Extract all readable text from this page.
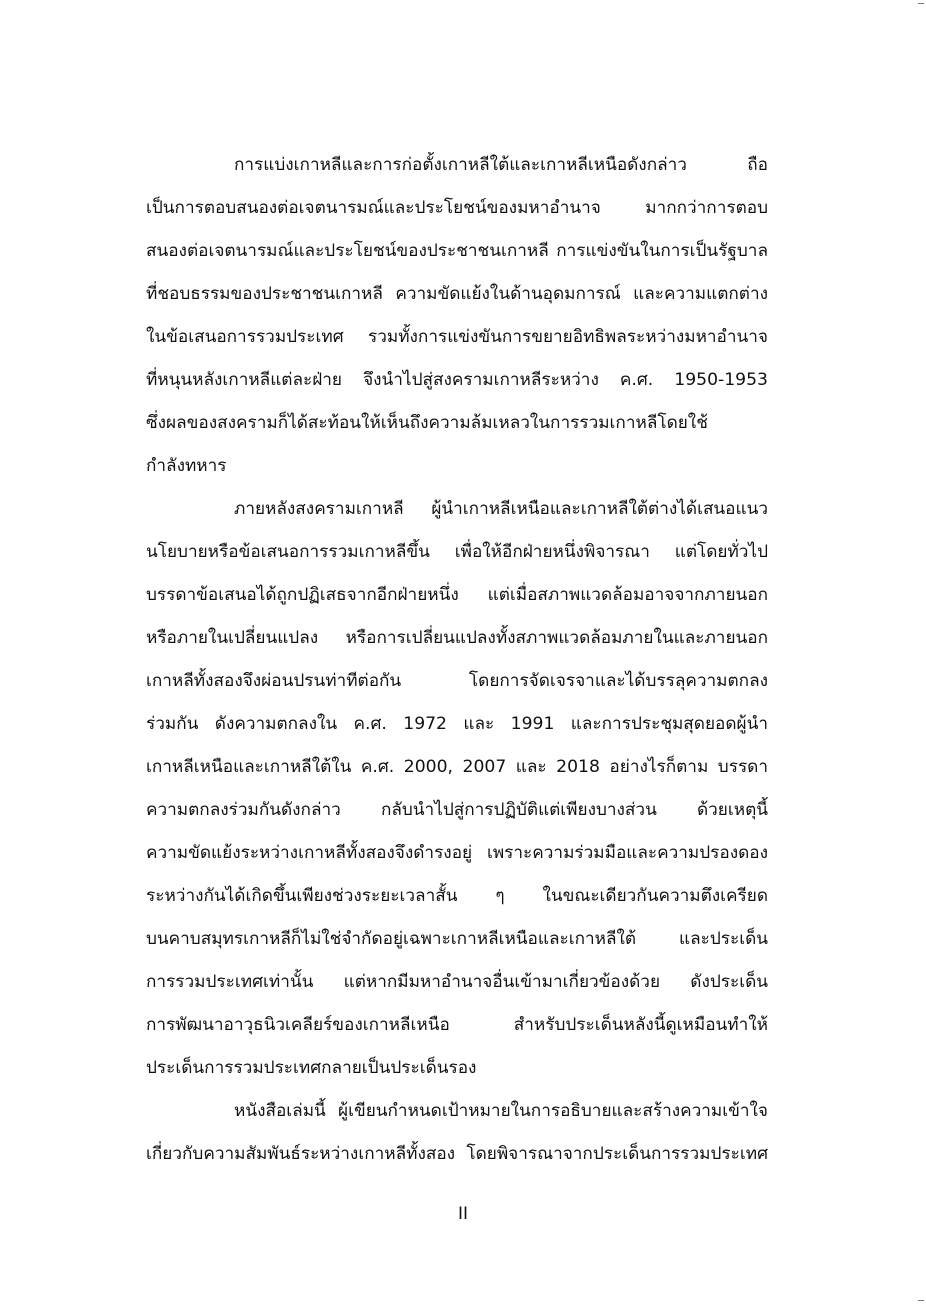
การแบ่งเกาหลีและการก่อตั้งเกาหลีใต้และเกาหลีเหนือดังกล่าว ถือ
เป็นการตอบสนองต่อเจตนารมณ์และประโยชน์ของมหาอำนาจ มากกว่าการตอบ
สนองต่อเจตนารมณ์และประโยชน์ของประชาชนเกาหลี การแข่งขันในการเป็นรัฐบาล
ที่ชอบธรรมของประชาชนเกาหลี ความขัดแย้งในด้านอุดมการณ์ และความแตกต่าง
ในข้อเสนอการรวมประเทศ รวมทั้งการแข่งขันการขยายอิทธิพลระหว่างมหาอำนาจ
ที่หนุนหลังเกาหลีแต่ละฝ่าย จึงนำไปสู่สงครามเกาหลีระหว่าง ค.ศ. 1950-1953
ซึ่งผลของสงครามก็ได้สะท้อนให้เห็นถึงความล้มเหลวในการรวมเกาหลีโดยใช้
กำลังทหาร
ภายหลังสงครามเกาหลี ผู้นำเกาหลีเหนือและเกาหลีใต้ต่างได้เสนอแนว
นโยบายหรือข้อเสนอการรวมเกาหลีขึ้น เพื่อให้อีกฝ่ายหนึ่งพิจารณา แต่โดยทั่วไป
บรรดาข้อเสนอได้ถูกปฏิเสธจากอีกฝ่ายหนึ่ง แต่เมื่อสภาพแวดล้อมอาจจากภายนอก
หรือภายในเปลี่ยนแปลง หรือการเปลี่ยนแปลงทั้งสภาพแวดล้อมภายในและภายนอก
เกาหลีทั้งสองจึงผ่อนปรนท่าทีต่อกัน โดยการจัดเจรจาและได้บรรลุความตกลง
ร่วมกัน ดังความตกลงใน ค.ศ. 1972 และ 1991 และการประชุมสุดยอดผู้นำ
เกาหลีเหนือและเกาหลีใต้ใน ค.ศ. 2000, 2007 และ 2018 อย่างไรก็ตาม บรรดา
ความตกลงร่วมกันดังกล่าว กลับนำไปสู่การปฏิบัติแต่เพียงบางส่วน ด้วยเหตุนี้
ความขัดแย้งระหว่างเกาหลีทั้งสองจึงดำรงอยู่ เพราะความร่วมมือและความปรองดอง
ระหว่างกันได้เกิดขึ้นเพียงช่วงระยะเวลาสั้น ๆ ในขณะเดียวกันความตึงเครียด
บนคาบสมุทรเกาหลีก็ไม่ใช่จำกัดอยู่เฉพาะเกาหลีเหนือและเกาหลีใต้ และประเด็น
การรวมประเทศเท่านั้น แต่หากมีมหาอำนาจอื่นเข้ามาเกี่ยวข้องด้วย ดังประเด็น
การพัฒนาอาวุธนิวเคลียร์ของเกาหลีเหนือ สำหรับประเด็นหลังนี้ดูเหมือนทำให้
ประเด็นการรวมประเทศกลายเป็นประเด็นรอง
หนังสือเล่มนี้ ผู้เขียนกำหนดเป้าหมายในการอธิบายและสร้างความเข้าใจ
เกี่ยวกับความสัมพันธ์ระหว่างเกาหลีทั้งสอง โดยพิจารณาจากประเด็นการรวมประเทศ
II
